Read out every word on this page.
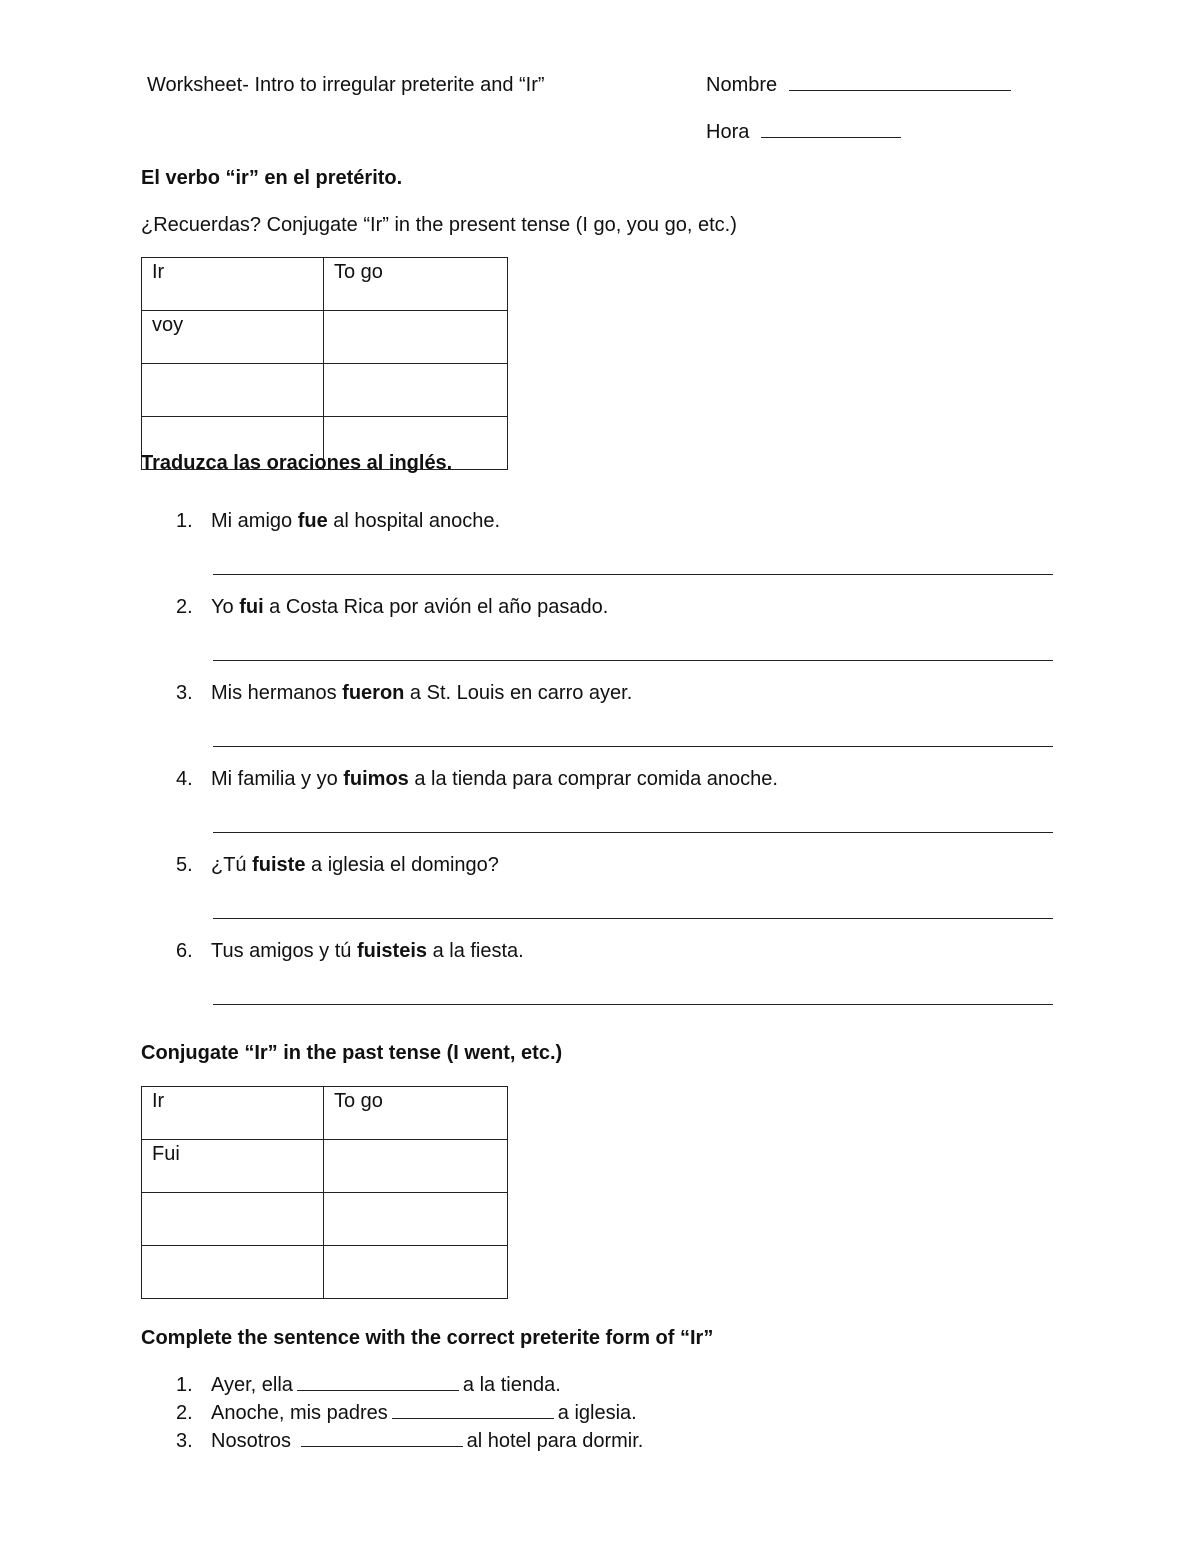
Worksheet- Intro to irregular preterite and “Ir”	Nombre
Hora
El verbo “ir” en el pretérito.
¿Recuerdas? Conjugate “Ir” in the present tense (I go, you go, etc.)
Ir	To go
voy	

Traduzca las oraciones al inglés.
1. Mi amigo fue al hospital anoche.
2. Yo fui a Costa Rica por avión el año pasado.
3. Mis hermanos fueron a St. Louis en carro ayer.
4. Mi familia y yo fuimos a la tienda para comprar comida anoche.
5. ¿Tú fuiste a iglesia el domingo?
6. Tus amigos y tú fuisteis a la fiesta.
Conjugate “Ir” in the past tense (I went, etc.)
Ir	To go
Fui	

Complete the sentence with the correct preterite form of “Ir”
1. Ayer, ella	a la tienda.
2. Anoche, mis padres	a iglesia.
3. Nosotros	al hotel para dormir.
